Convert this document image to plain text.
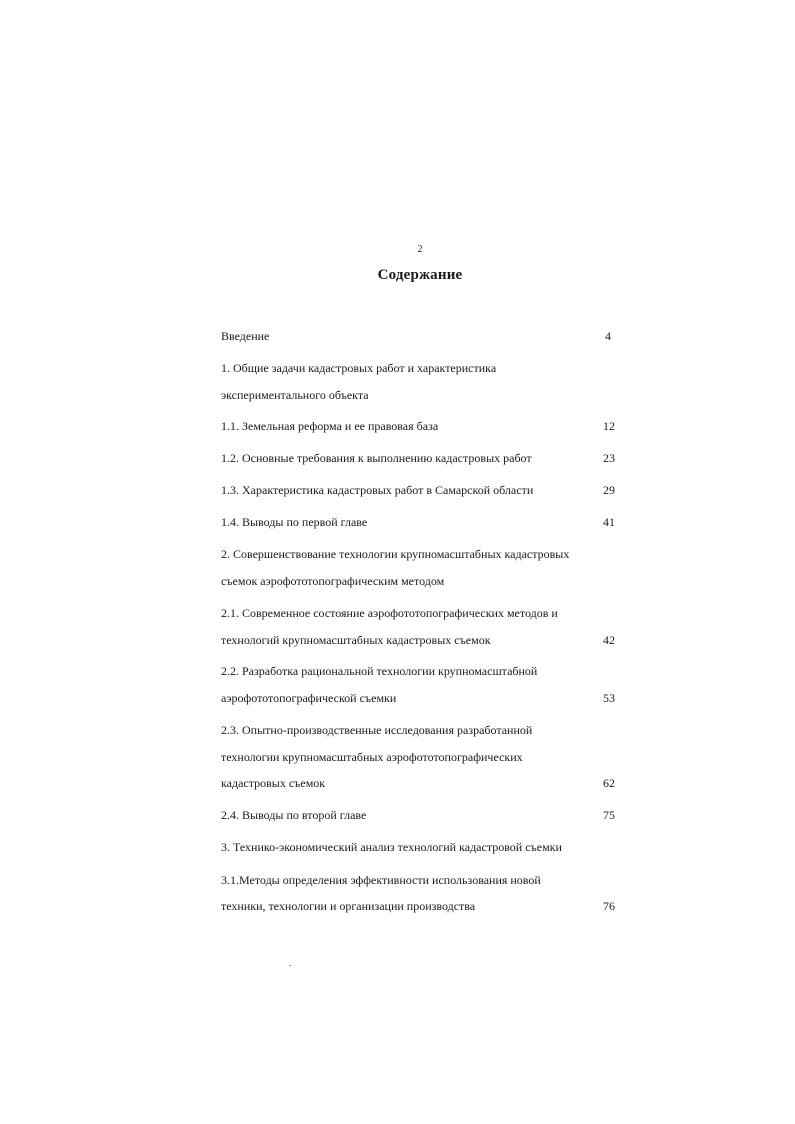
2
Содержание
Введение	4
1. Общие задачи кадастровых работ и характеристика
экспериментального объекта
1.1. Земельная реформа и ее правовая база	12
1.2. Основные требования к выполнению кадастровых работ	23
1.3. Характеристика кадастровых работ в Самарской области	29
1.4. Выводы по первой главе	41
2. Совершенствование технологии крупномасштабных кадастровых
съемок аэрофототопографическим методом
2.1. Современное состояние аэрофототопографических методов и
технологий крупномасштабных кадастровых съемок	42
2.2. Разработка рациональной технологии крупномасштабной
аэрофототопографической съемки	53
2.3. Опытно-производственные исследования разработанной
технологии крупномасштабных аэрофототопографических
кадастровых съемок	62
2.4. Выводы по второй главе	75
3. Технико-экономический анализ технологий кадастровой съемки
3.1.Методы определения эффективности использования новой
техники, технологии и организации производства	76
